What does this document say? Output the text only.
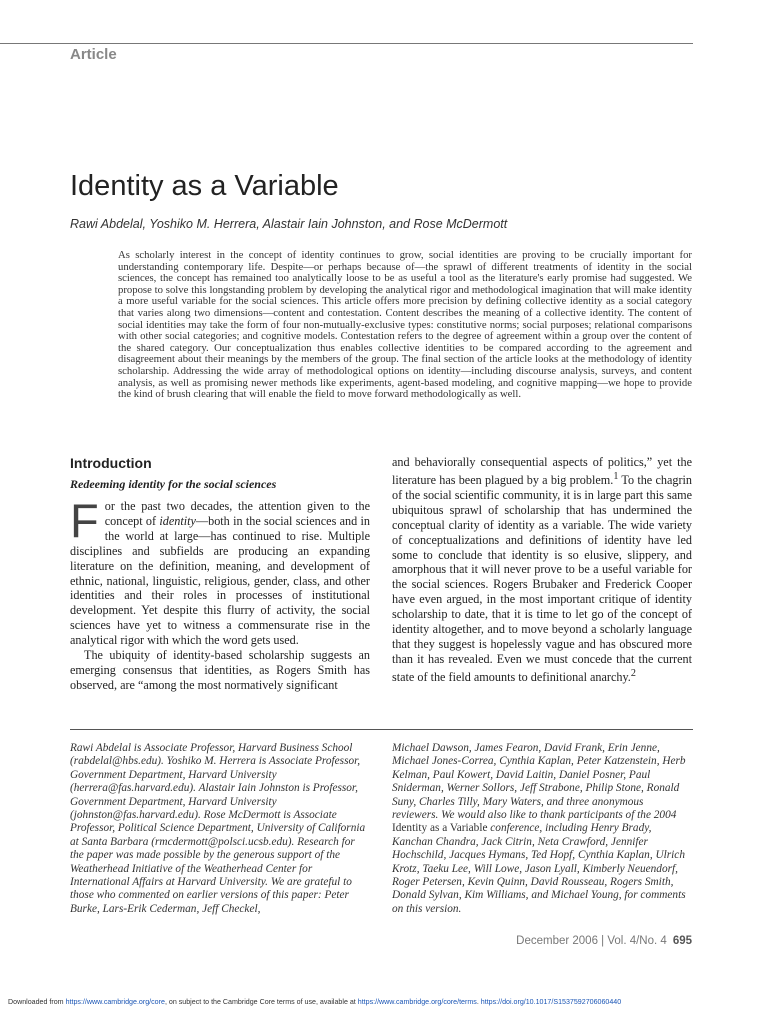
Article
Identity as a Variable
Rawi Abdelal, Yoshiko M. Herrera, Alastair Iain Johnston, and Rose McDermott

As scholarly interest in the concept of identity continues to grow, social identities are proving to be crucially important for understanding contemporary life. Despite—or perhaps because of—the sprawl of different treatments of identity in the social sciences, the concept has remained too analytically loose to be as useful a tool as the literature's early promise had suggested. We propose to solve this longstanding problem by developing the analytical rigor and methodological imagination that will make identity a more useful variable for the social sciences. This article offers more precision by defining collective identity as a social category that varies along two dimensions—content and contestation. Content describes the meaning of a collective identity. The content of social identities may take the form of four non-mutually-exclusive types: constitutive norms; social purposes; relational comparisons with other social categories; and cognitive models. Contestation refers to the degree of agreement within a group over the content of the shared category. Our conceptualization thus enables collective identities to be compared according to the agreement and disagreement about their meanings by the members of the group. The final section of the article looks at the methodology of identity scholarship. Addressing the wide array of methodological options on identity—including discourse analysis, surveys, and content analysis, as well as promising newer methods like experiments, agent-based modeling, and cognitive mapping—we hope to provide the kind of brush clearing that will enable the field to move forward methodologically as well.

Introduction
Redeeming identity for the social sciences

For the past two decades, the attention given to the concept of identity—both in the social sciences and in the world at large—has continued to rise. Multiple disciplines and subfields are producing an expanding literature on the definition, meaning, and development of ethnic, national, linguistic, religious, gender, class, and other identities and their roles in processes of institutional development. Yet despite this flurry of activity, the social sciences have yet to witness a commensurate rise in the analytical rigor with which the word gets used.

The ubiquity of identity-based scholarship suggests an emerging consensus that identities, as Rogers Smith has observed, are “among the most normatively significant

and behaviorally consequential aspects of politics,” yet the literature has been plagued by a big problem.$^1$ To the chagrin of the social scientific community, it is in large part this same ubiquitous sprawl of scholarship that has undermined the conceptual clarity of identity as a variable. The wide variety of conceptualizations and definitions of identity have led some to conclude that identity is so elusive, slippery, and amorphous that it will never prove to be a useful variable for the social sciences. Rogers Brubaker and Frederick Cooper have even argued, in the most important critique of identity scholarship to date, that it is time to let go of the concept of identity altogether, and to move beyond a scholarly language that they suggest is hopelessly vague and has obscured more than it has revealed. Even we must concede that the current state of the field amounts to definitional anarchy.$^2$

Rawi Abdelal is Associate Professor, Harvard Business School (rabdelal@hbs.edu). Yoshiko M. Herrera is Associate Professor, Government Department, Harvard University (herrera@fas.harvard.edu). Alastair Iain Johnston is Professor, Government Department, Harvard University (johnston@fas.harvard.edu). Rose McDermott is Associate Professor, Political Science Department, University of California at Santa Barbara (rmcdermott@polsci.ucsb.edu). Research for the paper was made possible by the generous support of the Weatherhead Initiative of the Weatherhead Center for International Affairs at Harvard University. We are grateful to those who commented on earlier versions of this paper: Peter Burke, Lars-Erik Cederman, Jeff Checkel,

Michael Dawson, James Fearon, David Frank, Erin Jenne, Michael Jones-Correa, Cynthia Kaplan, Peter Katzenstein, Herb Kelman, Paul Kowert, David Laitin, Daniel Posner, Paul Sniderman, Werner Sollors, Jeff Strabone, Philip Stone, Ronald Suny, Charles Tilly, Mary Waters, and three anonymous reviewers. We would also like to thank participants of the 2004 Identity as a Variable conference, including Henry Brady, Kanchan Chandra, Jack Citrin, Neta Crawford, Jennifer Hochschild, Jacques Hymans, Ted Hopf, Cynthia Kaplan, Ulrich Krotz, Taeku Lee, Will Lowe, Jason Lyall, Kimberly Neuendorf, Roger Petersen, Kevin Quinn, David Rousseau, Rogers Smith, Donald Sylvan, Kim Williams, and Michael Young, for comments on this version.

December 2006 | Vol. 4/No. 4 695
Downloaded from https://www.cambridge.org/core, on subject to the Cambridge Core terms of use, available at https://www.cambridge.org/core/terms. https://doi.org/10.1017/S1537592706060440
